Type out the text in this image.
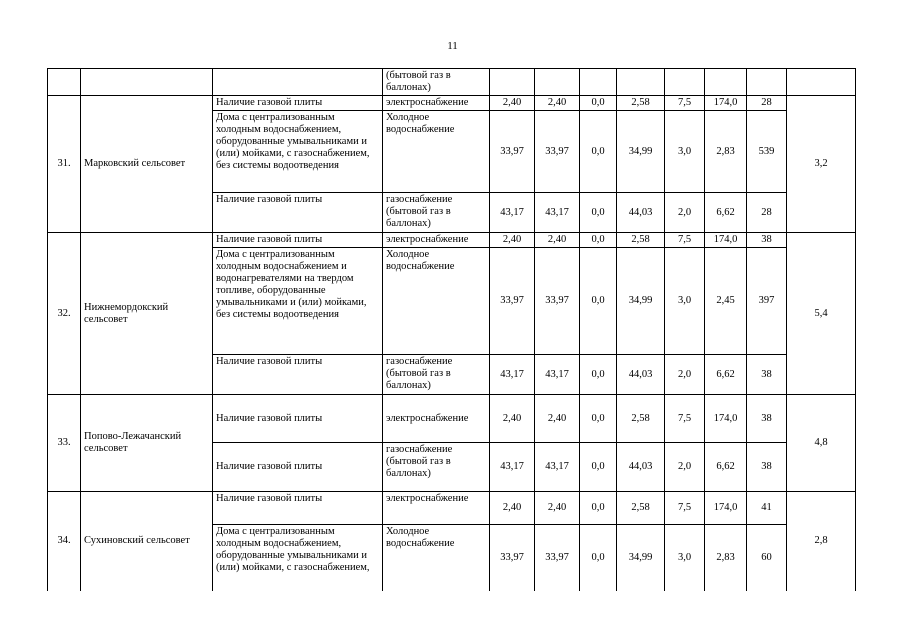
11
			(бытовой газ в баллонах)								
31.	Марковский сельсовет	Наличие газовой плиты	электроснабжение	2,40	2,40	0,0	2,58	7,5	174,0	28	3,2
		Дома с централизованным холодным водоснабжением, оборудованные умывальниками и (или) мойками, с газоснабжением, без системы водоотведения	Холодное водоснабжение	33,97	33,97	0,0	34,99	3,0	2,83	539	
		Наличие газовой плиты	газоснабжение (бытовой газ в баллонах)	43,17	43,17	0,0	44,03	2,0	6,62	28	
32.	Нижнемордокский сельсовет	Наличие газовой плиты	электроснабжение	2,40	2,40	0,0	2,58	7,5	174,0	38	5,4
		Дома с централизованным холодным водоснабжением и водонагревателями на твердом топливе, оборудованные умывальниками и (или) мойками, без системы водоотведения	Холодное водоснабжение	33,97	33,97	0,0	34,99	3,0	2,45	397	
		Наличие газовой плиты	газоснабжение (бытовой газ в баллонах)	43,17	43,17	0,0	44,03	2,0	6,62	38	
33.	Попово-Лежачанский сельсовет	Наличие газовой плиты	электроснабжение	2,40	2,40	0,0	2,58	7,5	174,0	38	4,8
		Наличие газовой плиты	газоснабжение (бытовой газ в баллонах)	43,17	43,17	0,0	44,03	2,0	6,62	38	
34.	Сухиновский сельсовет	Наличие газовой плиты	электроснабжение	2,40	2,40	0,0	2,58	7,5	174,0	41	2,8
		Дома с централизованным холодным водоснабжением, оборудованные умывальниками и (или) мойками, с газоснабжением,	Холодное водоснабжение	33,97	33,97	0,0	34,99	3,0	2,83	60	
